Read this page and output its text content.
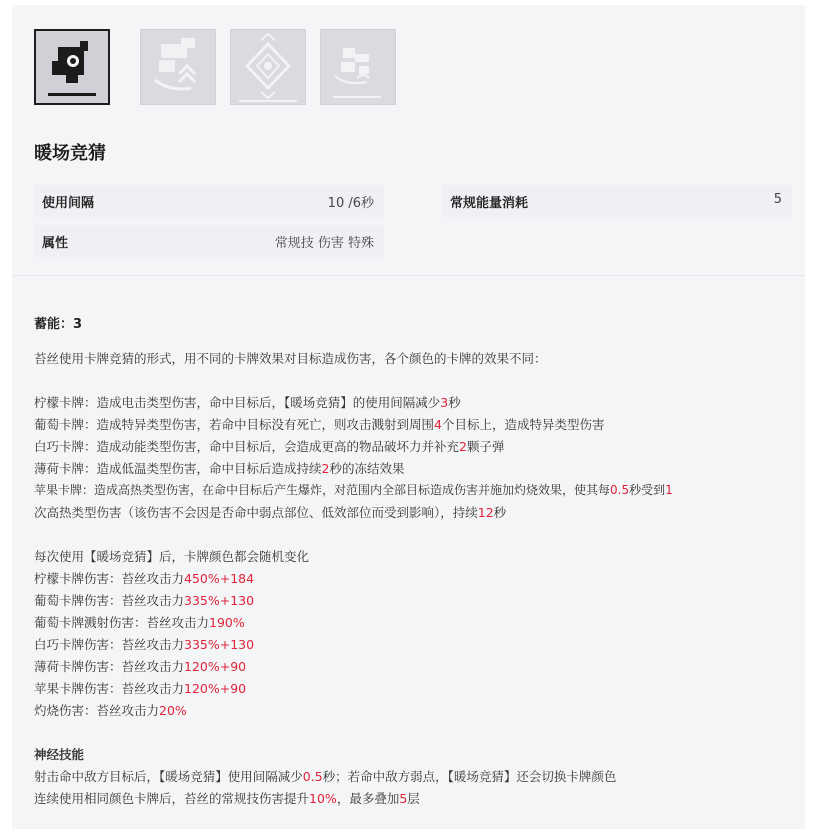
暖场竞猜
使用间隔	10 /6秒	常规能量消耗	5
属性	常规技 伤害 特殊
蓄能：3
苔丝使用卡牌竞猜的形式，用不同的卡牌效果对目标造成伤害，各个颜色的卡牌的效果不同：
柠檬卡牌：造成电击类型伤害，命中目标后，【暖场竞猜】的使用间隔减少3秒
葡萄卡牌：造成特异类型伤害，若命中目标没有死亡，则攻击溅射到周围4个目标上，造成特异类型伤害
白巧卡牌：造成动能类型伤害，命中目标后，会造成更高的物品破坏力并补充2颗子弹
薄荷卡牌：造成低温类型伤害，命中目标后造成持续2秒的冻结效果
苹果卡牌：造成高热类型伤害，在命中目标后产生爆炸，对范围内全部目标造成伤害并施加灼烧效果，使其每0.5秒受到1
次高热类型伤害（该伤害不会因是否命中弱点部位、低效部位而受到影响），持续12秒
每次使用【暖场竞猜】后，卡牌颜色都会随机变化
柠檬卡牌伤害：苔丝攻击力450%+184
葡萄卡牌伤害：苔丝攻击力335%+130
葡萄卡牌溅射伤害：苔丝攻击力190%
白巧卡牌伤害：苔丝攻击力335%+130
薄荷卡牌伤害：苔丝攻击力120%+90
苹果卡牌伤害：苔丝攻击力120%+90
灼烧伤害：苔丝攻击力20%
神经技能
射击命中敌方目标后，【暖场竞猜】使用间隔减少0.5秒；若命中敌方弱点，【暖场竞猜】还会切换卡牌颜色
连续使用相同颜色卡牌后，苔丝的常规技伤害提升10%，最多叠加5层
